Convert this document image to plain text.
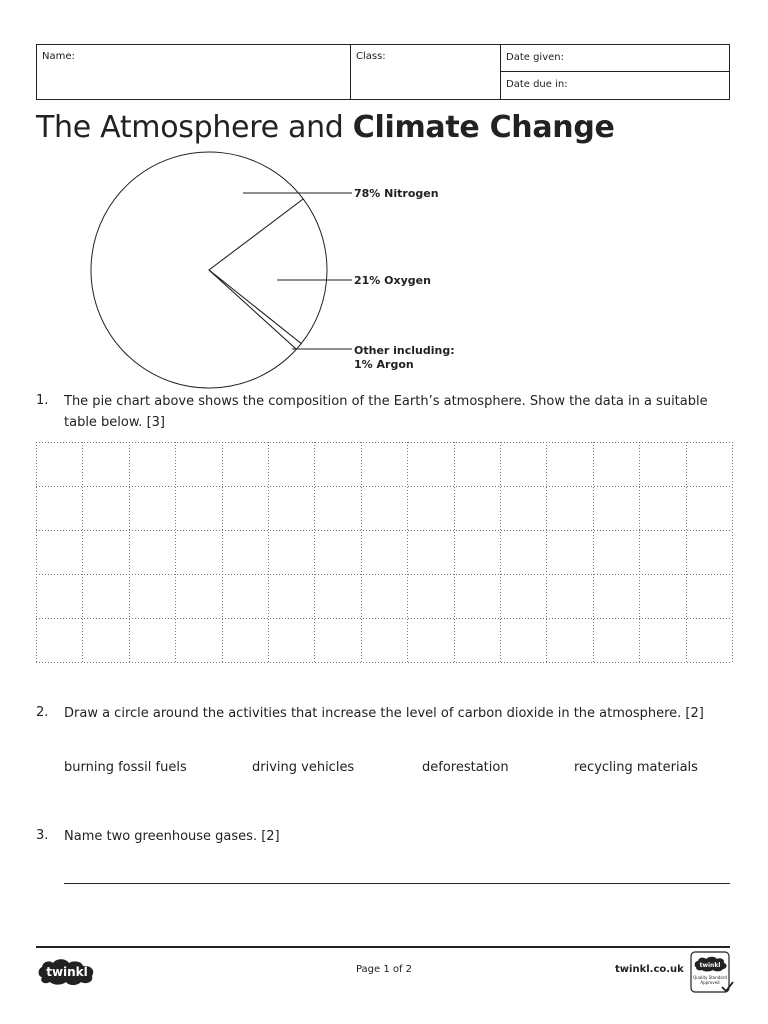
Name:	Class:	Date given:
Date due in:
The Atmosphere and Climate Change
78% Nitrogen
21% Oxygen
Other including:
1% Argon
1. The pie chart above shows the composition of the Earth’s atmosphere. Show the data in a suitable table below. [3]
2. Draw a circle around the activities that increase the level of carbon dioxide in the atmosphere. [2]
burning fossil fuels	driving vehicles	deforestation	recycling materials
3. Name two greenhouse gases. [2]
twinkl	Page 1 of 2	twinkl.co.uk	twinkl
Quality Standard Approved
